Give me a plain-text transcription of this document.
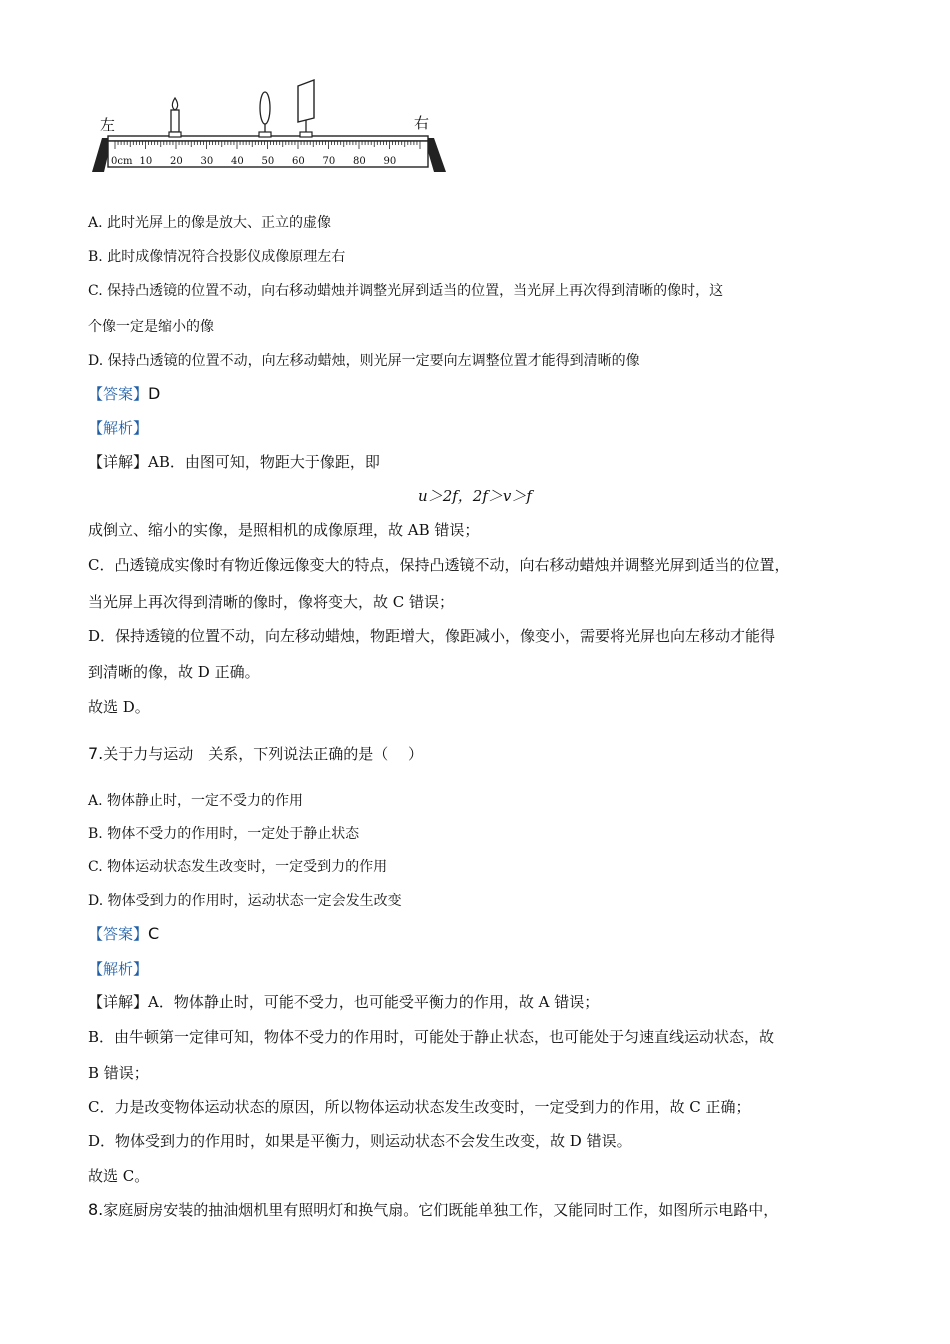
左	右
0cm 10 20 30 40 50 60 70 80 90
A. 此时光屏上的像是放大、正立的虚像
B. 此时成像情况符合投影仪成像原理左右
C. 保持凸透镜的位置不动，向右移动蜡烛并调整光屏到适当的位置，当光屏上再次得到清晰的像时，这
个像一定是缩小的像
D. 保持凸透镜的位置不动，向左移动蜡烛，则光屏一定要向左调整位置才能得到清晰的像
【答案】D
【解析】
【详解】AB．由图可知，物距大于像距，即
u＞2f，2f＞v＞f
成倒立、缩小的实像，是照相机的成像原理，故 AB 错误；
C．凸透镜成实像时有物近像远像变大的特点，保持凸透镜不动，向右移动蜡烛并调整光屏到适当的位置，
当光屏上再次得到清晰的像时，像将变大，故 C 错误；
D．保持透镜的位置不动，向左移动蜡烛，物距增大，像距减小，像变小，需要将光屏也向左移动才能得
到清晰的像，故 D 正确。
故选 D。
7.关于力与运动　关系，下列说法正确的是（　 ）
A. 物体静止时，一定不受力的作用
B. 物体不受力的作用时，一定处于静止状态
C. 物体运动状态发生改变时，一定受到力的作用
D. 物体受到力的作用时，运动状态一定会发生改变
【答案】C
【解析】
【详解】A．物体静止时，可能不受力，也可能受平衡力的作用，故 A 错误；
B．由牛顿第一定律可知，物体不受力的作用时，可能处于静止状态，也可能处于匀速直线运动状态，故
B 错误；
C．力是改变物体运动状态的原因，所以物体运动状态发生改变时，一定受到力的作用，故 C 正确；
D．物体受到力的作用时，如果是平衡力，则运动状态不会发生改变，故 D 错误。
故选 C。
8.家庭厨房安装的抽油烟机里有照明灯和换气扇。它们既能单独工作，又能同时工作，如图所示电路中，
